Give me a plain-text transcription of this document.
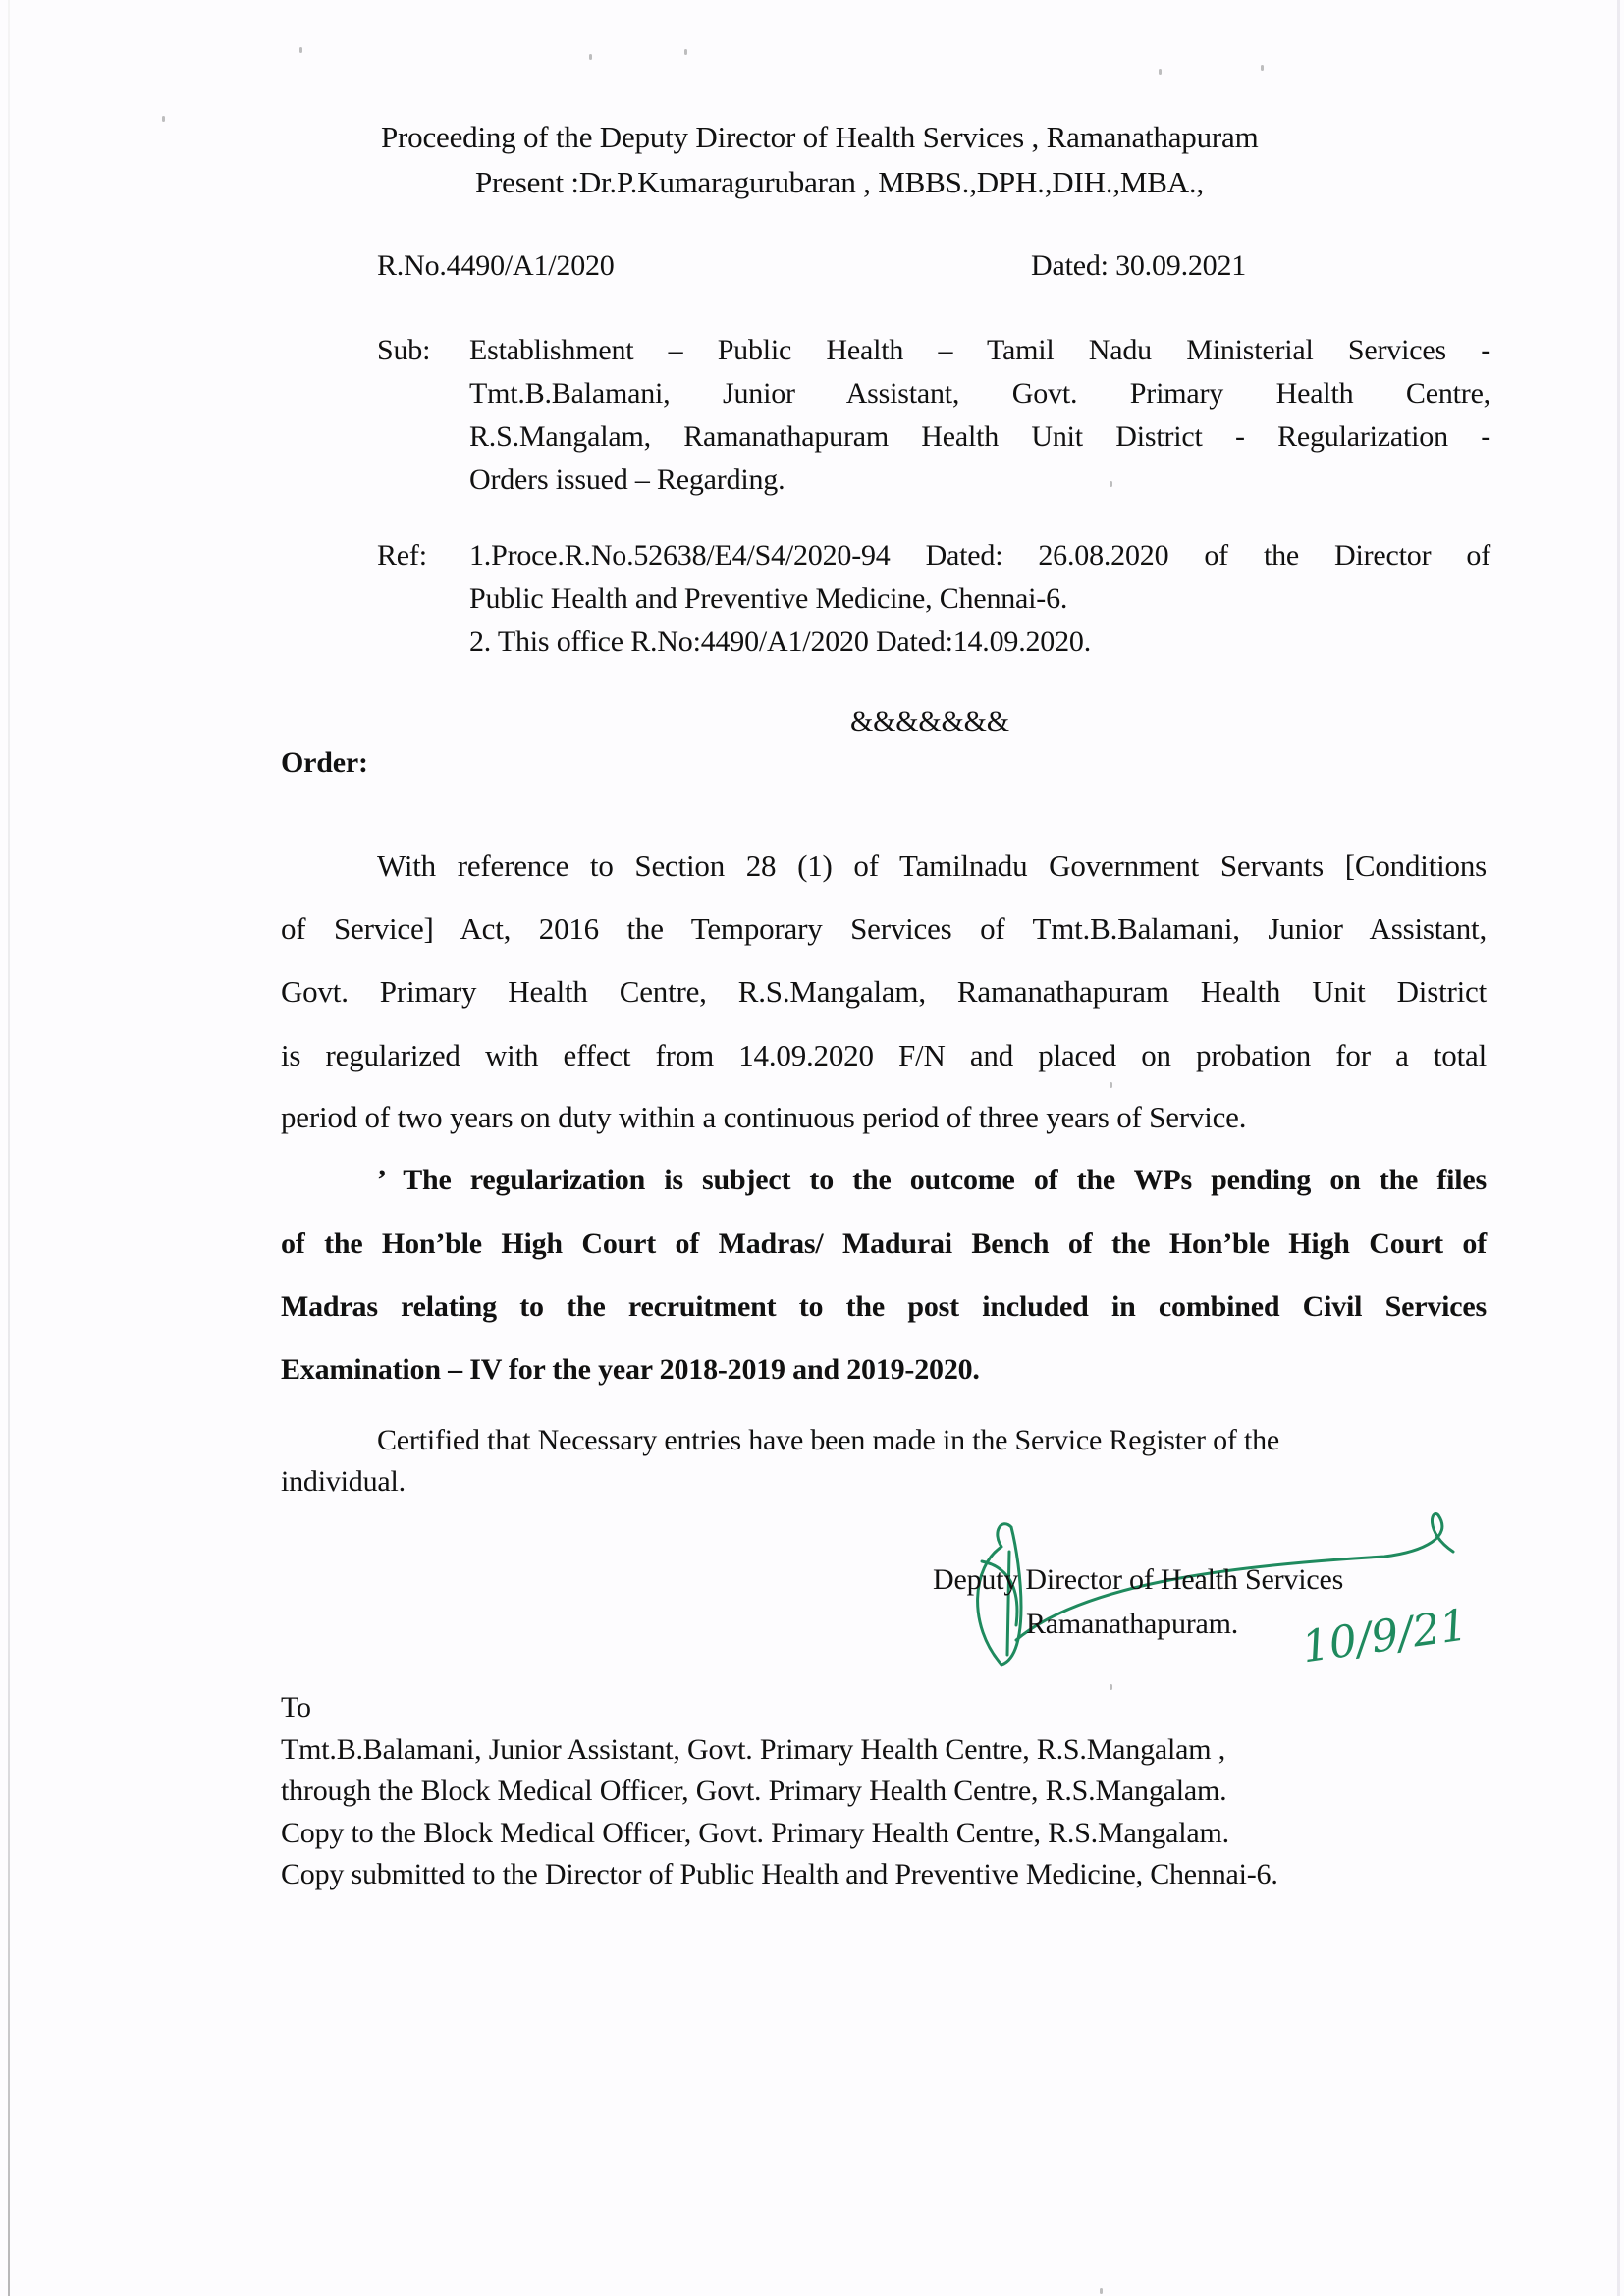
Proceeding of the Deputy Director of Health Services , Ramanathapuram
Present :Dr.P.Kumaragurubaran , MBBS.,DPH.,DIH.,MBA.,
R.No.4490/A1/2020	Dated: 30.09.2021
Sub: Establishment – Public Health – Tamil Nadu Ministerial Services -
Tmt.B.Balamani, Junior Assistant, Govt. Primary Health Centre,
R.S.Mangalam, Ramanathapuram Health Unit District - Regularization -
Orders issued – Regarding.
Ref: 1.Proce.R.No.52638/E4/S4/2020-94 Dated: 26.08.2020 of the Director of
Public Health and Preventive Medicine, Chennai-6.
2. This office R.No:4490/A1/2020 Dated:14.09.2020.
&&&&&&&
Order:
With reference to Section 28 (1) of Tamilnadu Government Servants [Conditions
of Service] Act, 2016 the Temporary Services of Tmt.B.Balamani, Junior Assistant,
Govt. Primary Health Centre, R.S.Mangalam, Ramanathapuram Health Unit District
is regularized with effect from 14.09.2020 F/N and placed on probation for a total
period of two years on duty within a continuous period of three years of Service.
’ The regularization is subject to the outcome of the WPs pending on the files
of the Hon’ble High Court of Madras/ Madurai Bench of the Hon’ble High Court of
Madras relating to the recruitment to the post included in combined Civil Services
Examination – IV for the year 2018-2019 and 2019-2020.
Certified that Necessary entries have been made in the Service Register of the
individual.
10/9/21
Deputy Director of Health Services
Ramanathapuram.
To
Tmt.B.Balamani, Junior Assistant, Govt. Primary Health Centre, R.S.Mangalam ,
through the Block Medical Officer, Govt. Primary Health Centre, R.S.Mangalam.
Copy to the Block Medical Officer, Govt. Primary Health Centre, R.S.Mangalam.
Copy submitted to the Director of Public Health and Preventive Medicine, Chennai-6.
